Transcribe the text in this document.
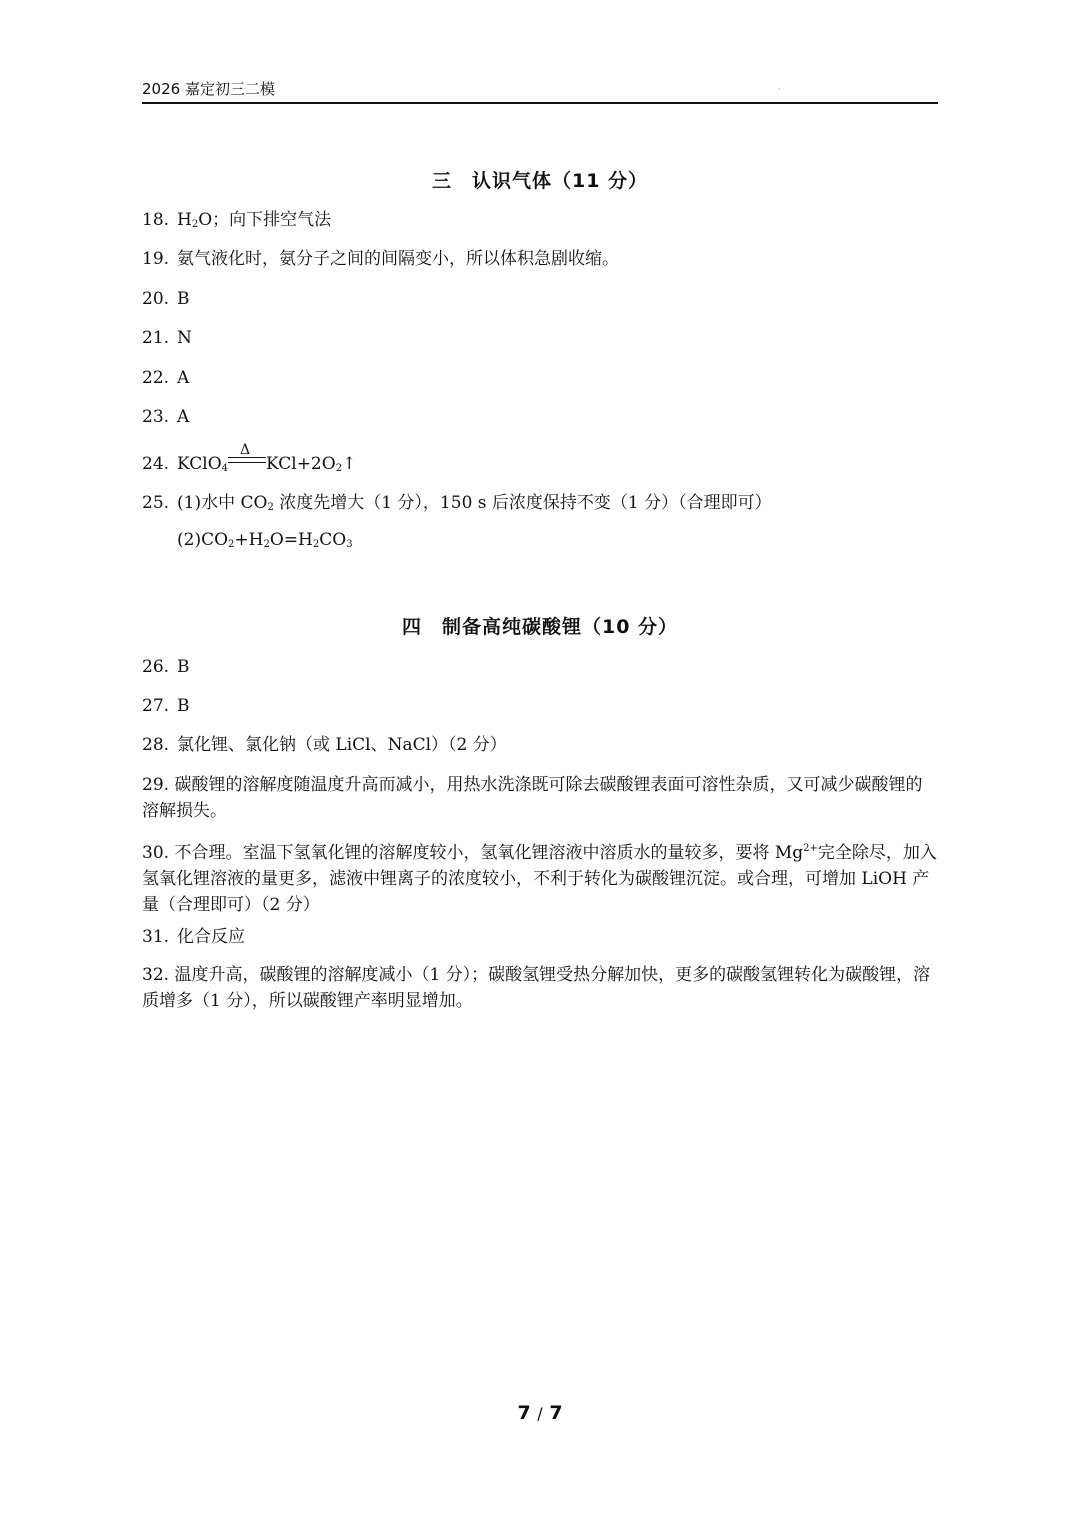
2026 嘉定初三二模	.
三　认识气体（11 分）
18. $H_2O$；向下排空气法
19. 氨气液化时，氨分子之间的间隔变小，所以体积急剧收缩。
20. B
21. N
22. A
23. A
24. KClO$_4$
Δ
$KCl+2O_2↑$
25. (1)水中 $CO_2$ 浓度先增大（1 分），150 s 后浓度保持不变（1 分）（合理即可）
$(2)CO_2+H_2O=H_2CO_3$
四　制备高纯碳酸锂（10 分）
26. B
27. B
28. 氯化锂、氯化钠（或 LiCl、NaCl）（2 分）
29. 碳酸锂的溶解度随温度升高而减小，用热水洗涤既可除去碳酸锂表面可溶性杂质，又可减少碳酸锂的溶解损失。
30. 不合理。室温下氢氧化锂的溶解度较小，氢氧化锂溶液中溶质水的量较多，要将 $Mg^{2+}$完全除尽，加入氢氧化锂溶液的量更多，滤液中锂离子的浓度较小，不利于转化为碳酸锂沉淀。或合理，可增加 LiOH 产量（合理即可）（2 分）
31. 化合反应
32. 温度升高，碳酸锂的溶解度减小（1 分）；碳酸氢锂受热分解加快，更多的碳酸氢锂转化为碳酸锂，溶质增多（1 分），所以碳酸锂产率明显增加。
7 / 7
